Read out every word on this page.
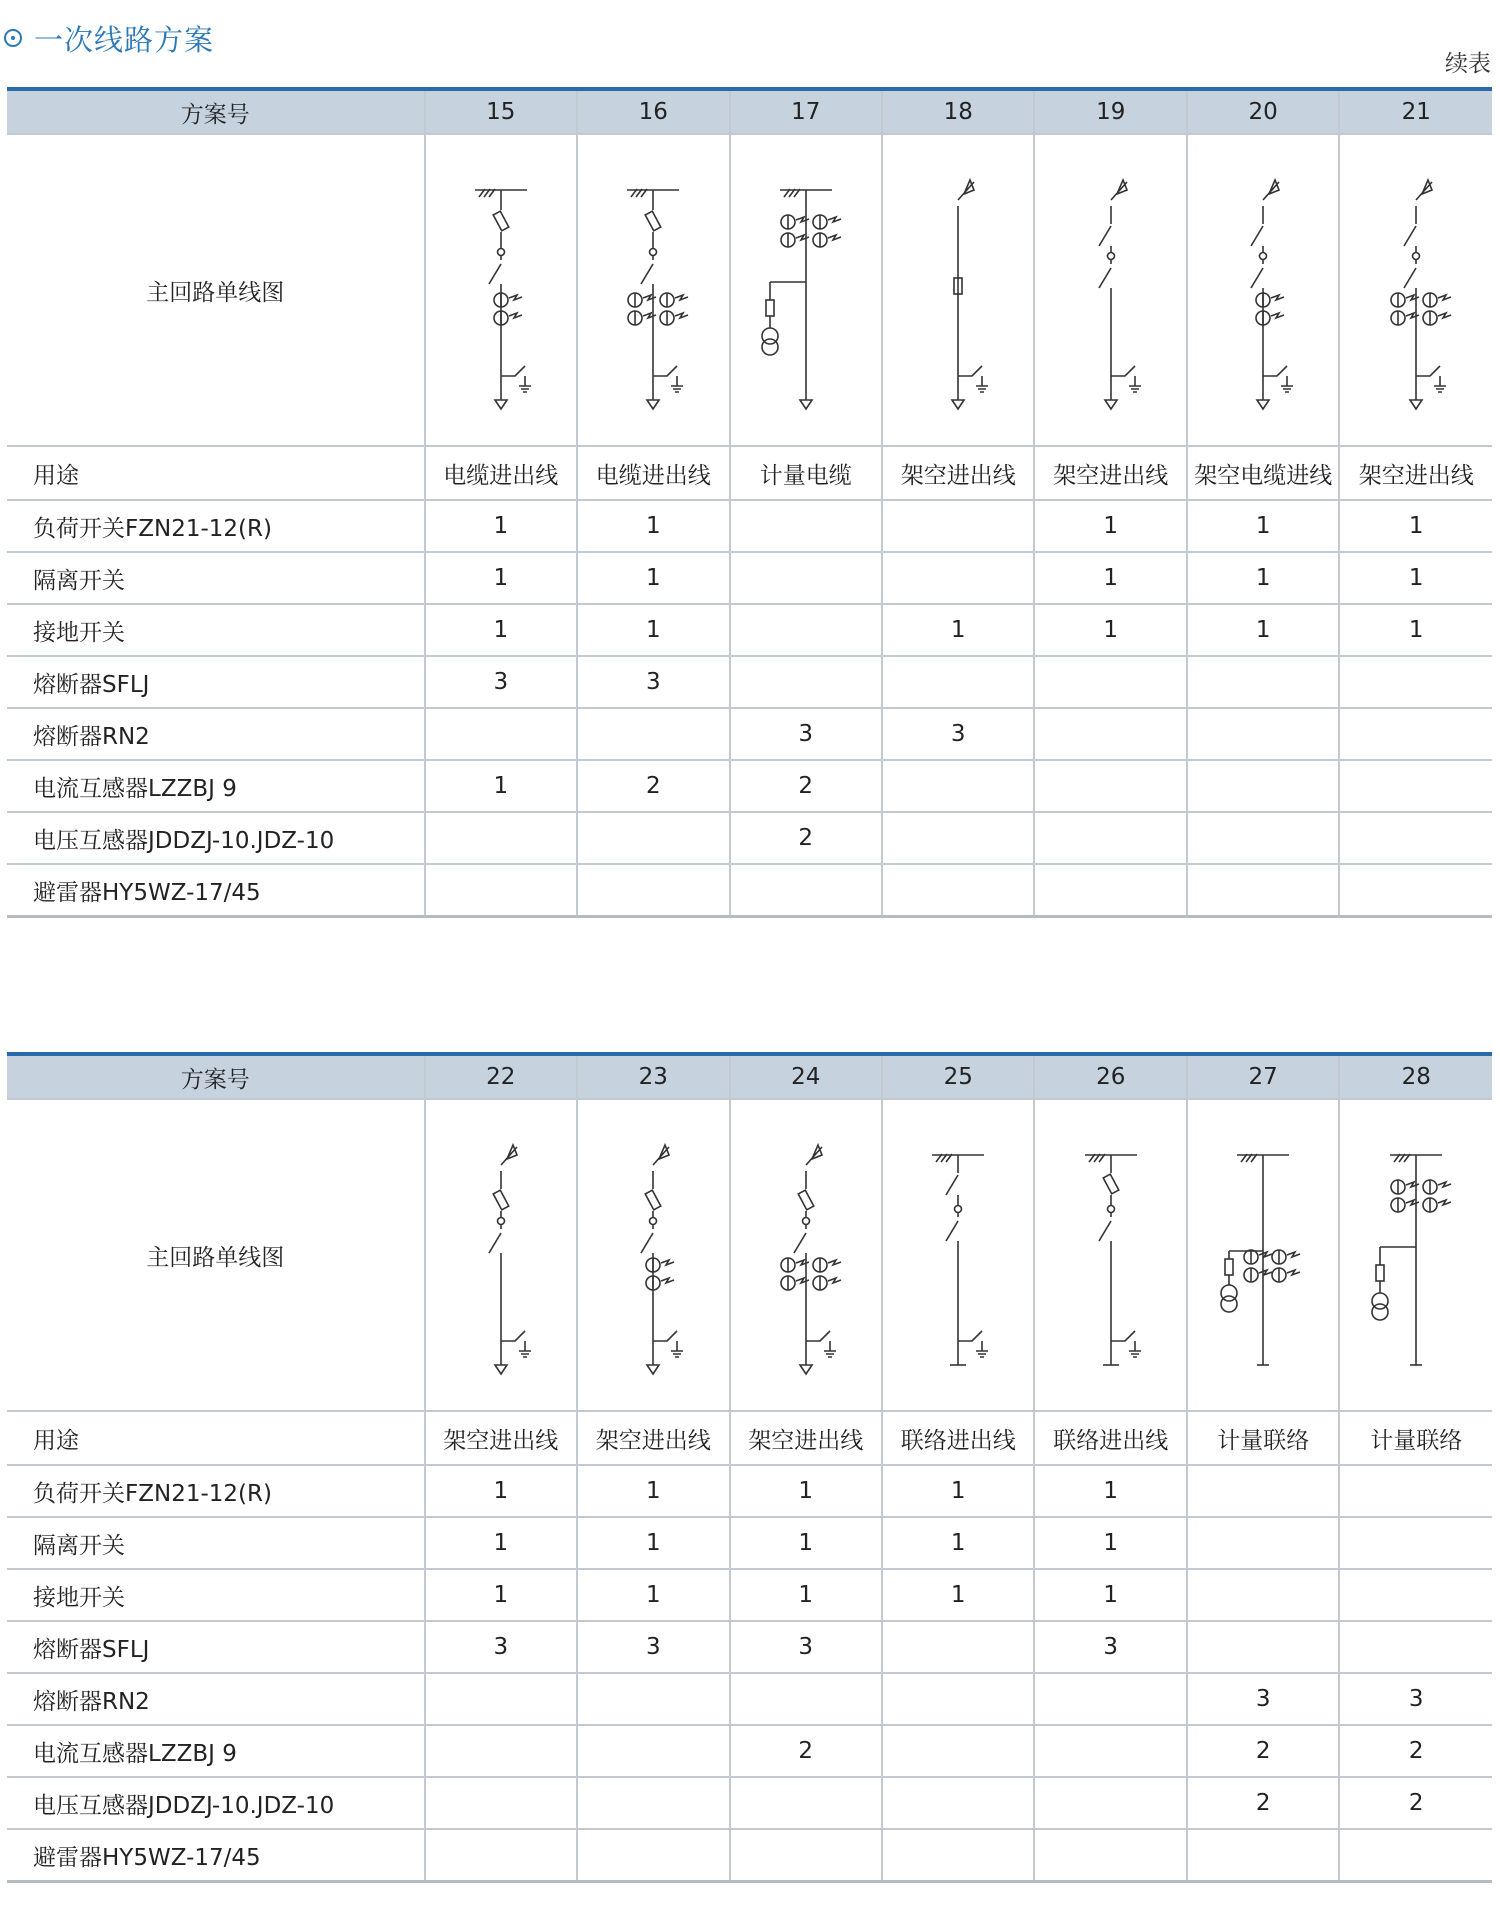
一次线路方案
续表
方案号	15	16	17	18	19	20	21
主回路单线图	

用途	电缆进出线	电缆进出线	计量电缆	架空进出线	架空进出线	架空电缆进线	架空进出线
负荷开关FZN21-12(R)	1	1			1	1	1
隔离开关	1	1			1	1	1
接地开关	1	1		1	1	1	1
熔断器SFLJ	3	3					
熔断器RN2			3	3			
电流互感器LZZBJ 9	1	2	2				
电压互感器JDDZJ-10.JDZ-10			2				
避雷器HY5WZ-17/45							
方案号	22	23	24	25	26	27	28
主回路单线图	

用途	架空进出线	架空进出线	架空进出线	联络进出线	联络进出线	计量联络	计量联络
负荷开关FZN21-12(R)	1	1	1	1	1		
隔离开关	1	1	1	1	1		
接地开关	1	1	1	1	1		
熔断器SFLJ	3	3	3		3		
熔断器RN2						3	3
电流互感器LZZBJ 9			2			2	2
电压互感器JDDZJ-10.JDZ-10						2	2
避雷器HY5WZ-17/45							
